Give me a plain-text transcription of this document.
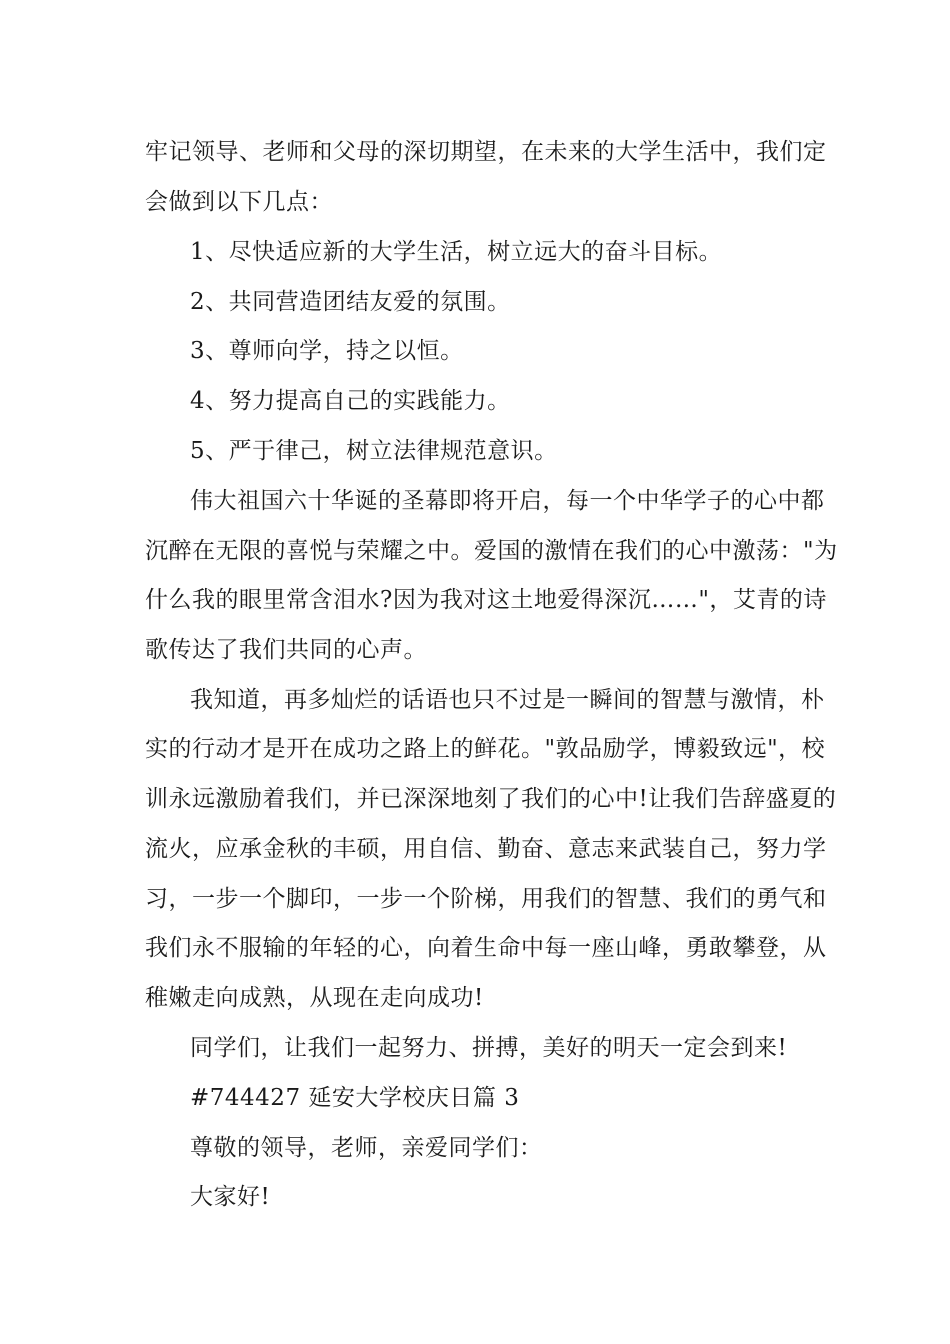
牢记领导、老师和父母的深切期望，在未来的大学生活中，我们定
会做到以下几点：
1、尽快适应新的大学生活，树立远大的奋斗目标。
2、共同营造团结友爱的氛围。
3、尊师向学，持之以恒。
4、努力提高自己的实践能力。
5、严于律己，树立法律规范意识。
伟大祖国六十华诞的圣幕即将开启，每一个中华学子的心中都
沉醉在无限的喜悦与荣耀之中。爱国的激情在我们的心中激荡："为
什么我的眼里常含泪水?因为我对这土地爱得深沉……"，艾青的诗
歌传达了我们共同的心声。
我知道，再多灿烂的话语也只不过是一瞬间的智慧与激情，朴
实的行动才是开在成功之路上的鲜花。"敦品励学，博毅致远"，校
训永远激励着我们，并已深深地刻了我们的心中!让我们告辞盛夏的
流火，应承金秋的丰硕，用自信、勤奋、意志来武装自己，努力学
习，一步一个脚印，一步一个阶梯，用我们的智慧、我们的勇气和
我们永不服输的年轻的心，向着生命中每一座山峰，勇敢攀登，从
稚嫩走向成熟，从现在走向成功!
同学们，让我们一起努力、拼搏，美好的明天一定会到来!
#744427 延安大学校庆日篇 3
尊敬的领导，老师，亲爱同学们：
大家好!
